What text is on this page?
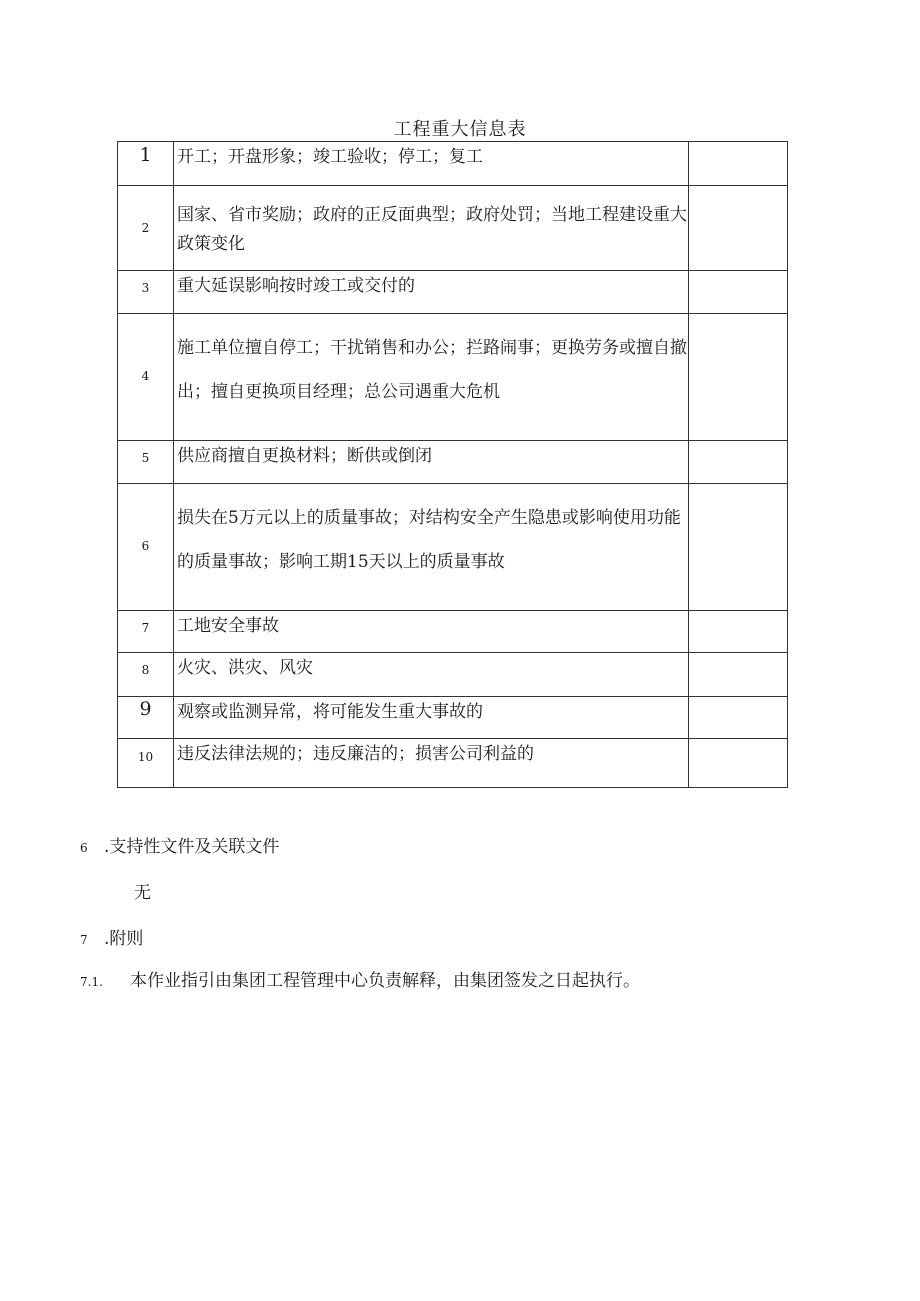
工程重大信息表
1	开工；开盘形象；竣工验收；停工；复工	
2	国家、省市奖励；政府的正反面典型；政府处罚；当地工程建设重大政策变化	
3	重大延误影响按时竣工或交付的	
4	施工单位擅自停工；干扰销售和办公；拦路闹事；更换劳务或擅自撤出；擅自更换项目经理；总公司遇重大危机	
5	供应商擅自更换材料；断供或倒闭	
6	损失在5万元以上的质量事故；对结构安全产生隐患或影响使用功能的质量事故；影响工期15天以上的质量事故	
7	工地安全事故	
8	火灾、洪灾、风灾	
9	观察或监测异常，将可能发生重大事故的	
10	违反法律法规的；违反廉洁的；损害公司利益的	
6 .支持性文件及关联文件
无
7 .附则
7.1. 本作业指引由集团工程管理中心负责解释，由集团签发之日起执行。
